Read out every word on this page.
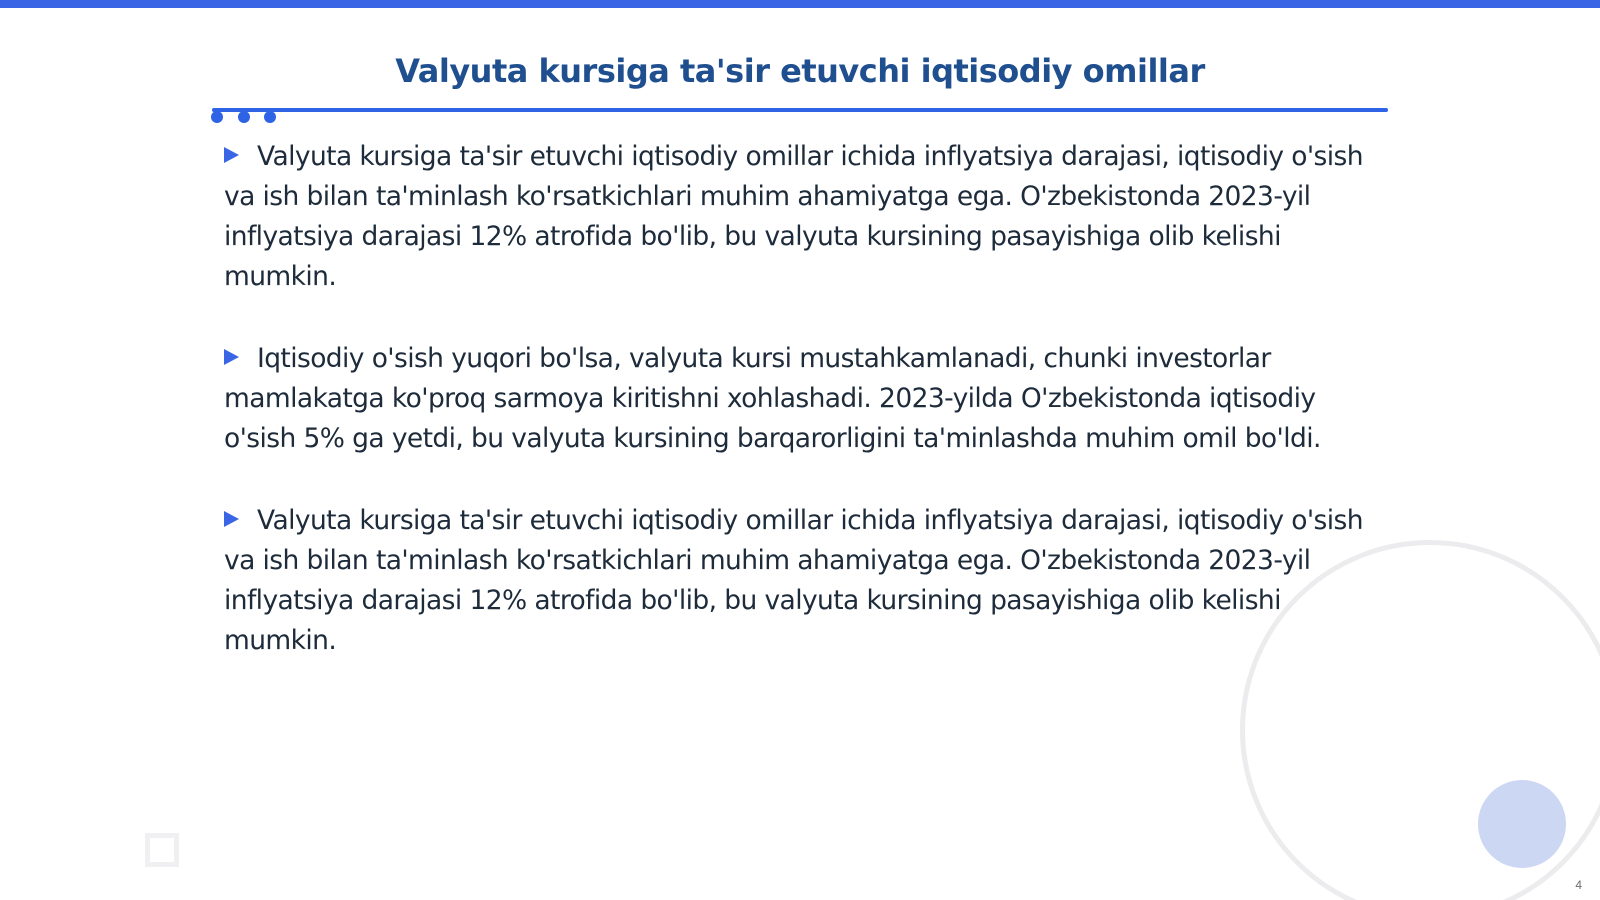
Valyuta kursiga ta'sir etuvchi iqtisodiy omillar

Valyuta kursiga ta'sir etuvchi iqtisodiy omillar ichida inflyatsiya darajasi, iqtisodiy o'sish va ish bilan ta'minlash ko'rsatkichlari muhim ahamiyatga ega. O'zbekistonda 2023-yil inflyatsiya darajasi 12% atrofida bo'lib, bu valyuta kursining pasayishiga olib kelishi mumkin.

Iqtisodiy o'sish yuqori bo'lsa, valyuta kursi mustahkamlanadi, chunki investorlar mamlakatga ko'proq sarmoya kiritishni xohlashadi. 2023-yilda O'zbekistonda iqtisodiy o'sish 5% ga yetdi, bu valyuta kursining barqarorligini ta'minlashda muhim omil bo'ldi.

Valyuta kursiga ta'sir etuvchi iqtisodiy omillar ichida inflyatsiya darajasi, iqtisodiy o'sish va ish bilan ta'minlash ko'rsatkichlari muhim ahamiyatga ega. O'zbekistonda 2023-yil inflyatsiya darajasi 12% atrofida bo'lib, bu valyuta kursining pasayishiga olib kelishi mumkin.

4
